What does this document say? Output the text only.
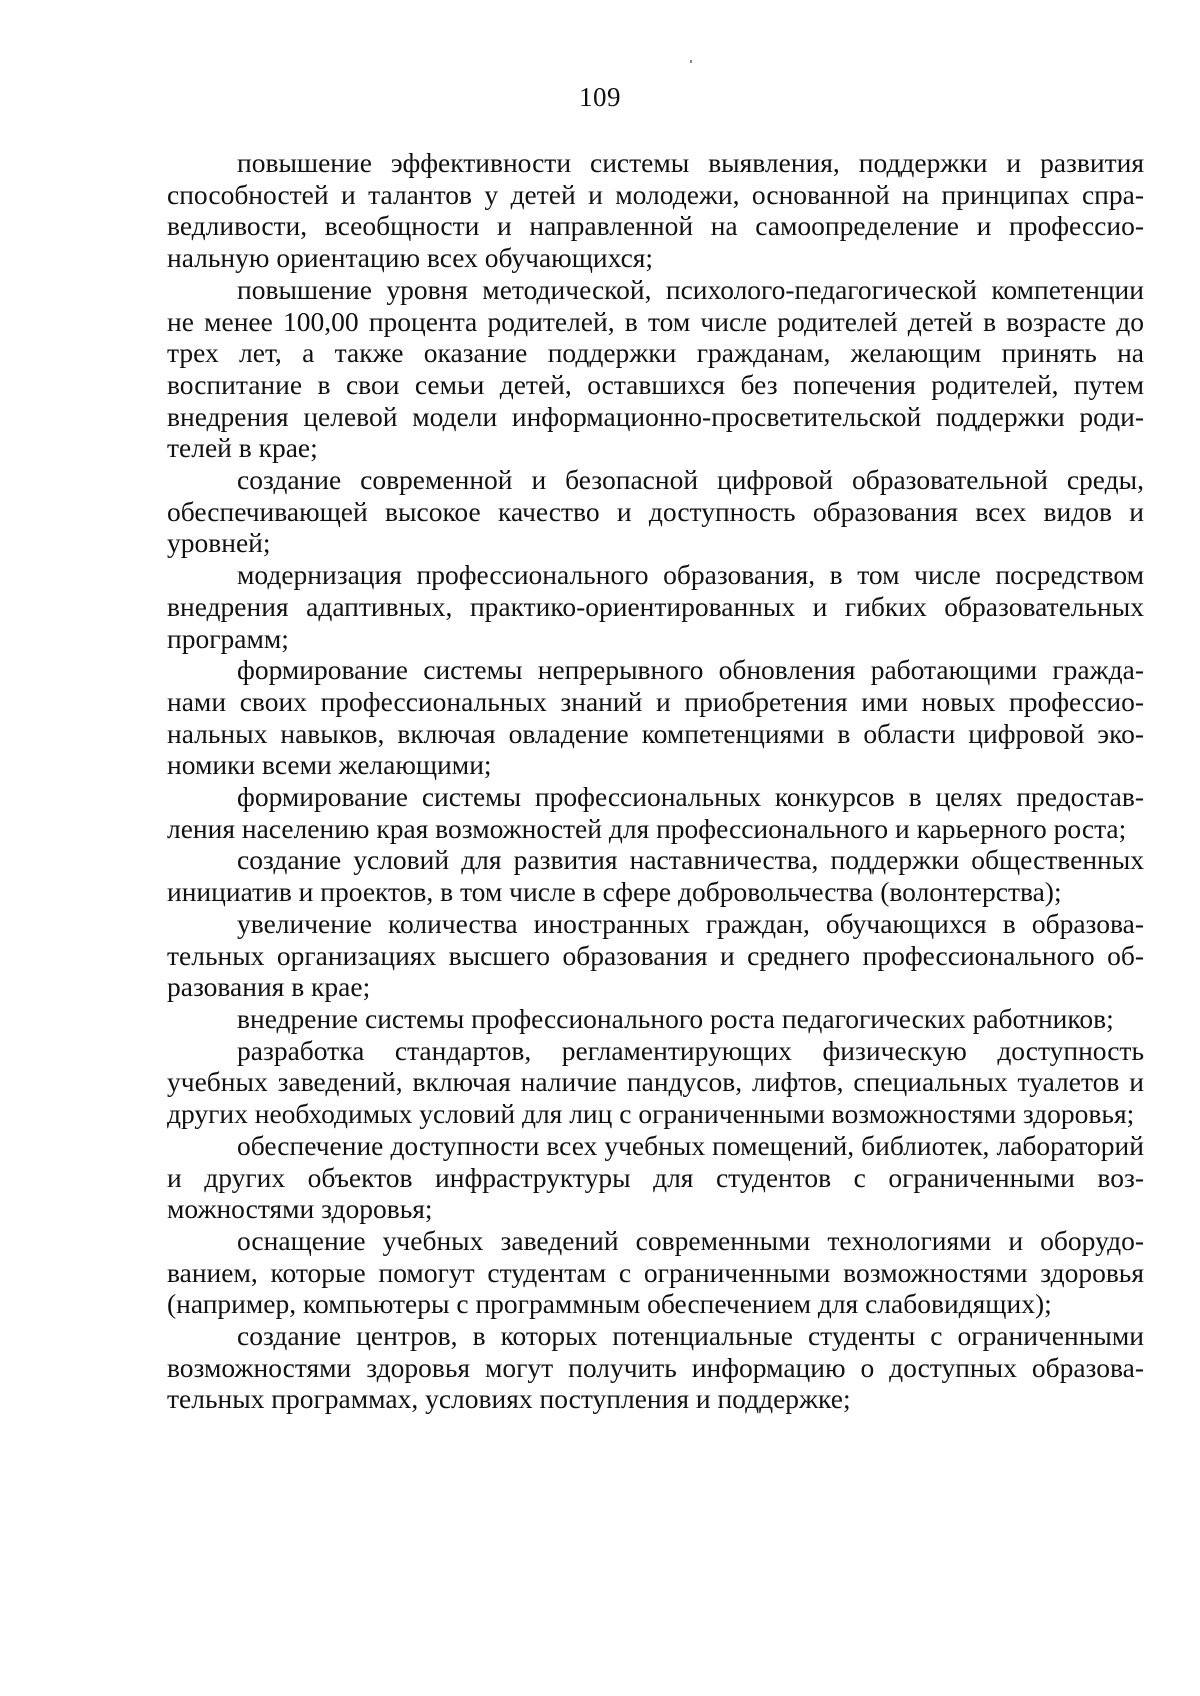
109

повышение эффективности системы выявления, поддержки и развития способностей и талантов у детей и молодежи, основанной на принципах справедливости, всеобщности и направленной на самоопределение и профессиональную ориентацию всех обучающихся;

повышение уровня методической, психолого-педагогической компетенции не менее 100,00 процента родителей, в том числе родителей детей в возрасте до трех лет, а также оказание поддержки гражданам, желающим принять на воспитание в свои семьи детей, оставшихся без попечения родителей, путем внедрения целевой модели информационно-просветительской поддержки родителей в крае;

создание современной и безопасной цифровой образовательной среды, обеспечивающей высокое качество и доступность образования всех видов и уровней;

модернизация профессионального образования, в том числе посредством внедрения адаптивных, практико-ориентированных и гибких образовательных программ;

формирование системы непрерывного обновления работающими гражданами своих профессиональных знаний и приобретения ими новых профессиональных навыков, включая овладение компетенциями в области цифровой экономики всеми желающими;

формирование системы профессиональных конкурсов в целях предоставления населению края возможностей для профессионального и карьерного роста;

создание условий для развития наставничества, поддержки общественных инициатив и проектов, в том числе в сфере добровольчества (волонтерства);

увеличение количества иностранных граждан, обучающихся в образовательных организациях высшего образования и среднего профессионального образования в крае;

внедрение системы профессионального роста педагогических работников;

разработка стандартов, регламентирующих физическую доступность учебных заведений, включая наличие пандусов, лифтов, специальных туалетов и других необходимых условий для лиц с ограниченными возможностями здоровья;

обеспечение доступности всех учебных помещений, библиотек, лабораторий и других объектов инфраструктуры для студентов с ограниченными возможностями здоровья;

оснащение учебных заведений современными технологиями и оборудованием, которые помогут студентам с ограниченными возможностями здоровья (например, компьютеры с программным обеспечением для слабовидящих);

создание центров, в которых потенциальные студенты с ограниченными возможностями здоровья могут получить информацию о доступных образовательных программах, условиях поступления и поддержке;
